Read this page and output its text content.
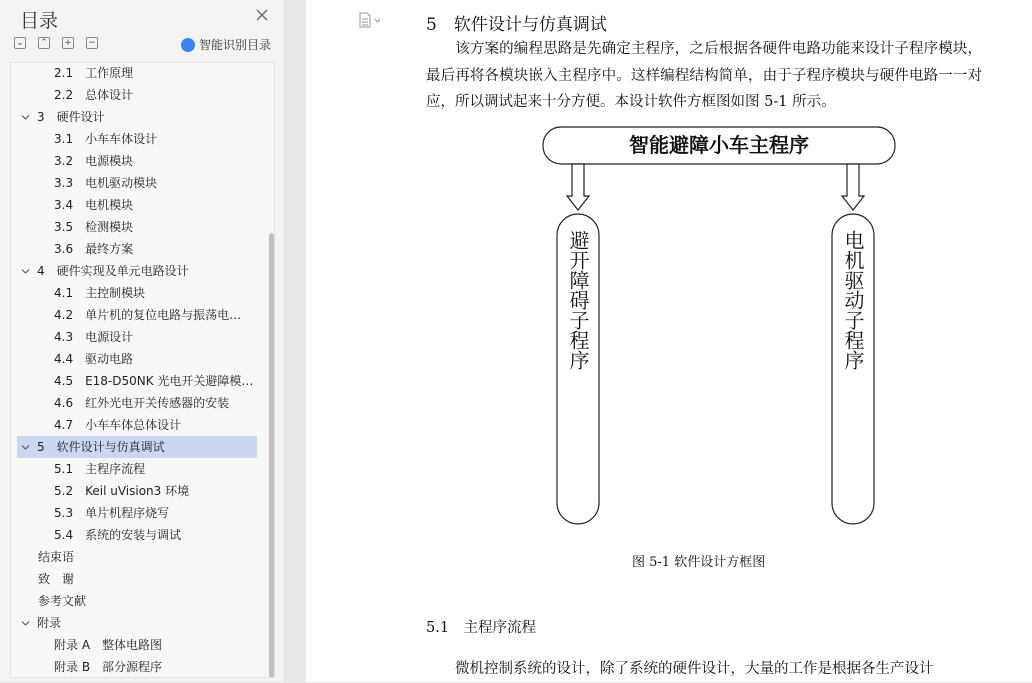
目录
⌄ ⌃ + −	智能识别目录
2.1　工作原理
2.2　总体设计
3　硬件设计
3.1　小车车体设计
3.2　电源模块
3.3　电机驱动模块
3.4　电机模块
3.5　检测模块
3.6　最终方案
4　硬件实现及单元电路设计
4.1　主控制模块
4.2　单片机的复位电路与振荡电…
4.3　电源设计
4.4　驱动电路
4.5　E18-D50NK 光电开关避障模…
4.6　红外光电开关传感器的安装
4.7　小车车体总体设计
5　软件设计与仿真调试
5.1　主程序流程
5.2　Keil uVision3 环境
5.3　单片机程序烧写
5.4　系统的安装与调试
结束语
致　谢
参考文献
附录
附录 A　整体电路图
附录 B　部分源程序
5　软件设计与仿真调试
　　该方案的编程思路是先确定主程序，之后根据各硬件电路功能来设计子程序模块，最后再将各模块嵌入主程序中。这样编程结构简单，由于子程序模块与硬件电路一一对应，所以调试起来十分方便。本设计软件方框图如图 5-1 所示。
智能避障小车主程序
避开障碍子程序	电机驱动子程序
图 5-1 软件设计方框图
5.1　主程序流程
　　微机控制系统的设计，除了系统的硬件设计，大量的工作是根据各生产设计
